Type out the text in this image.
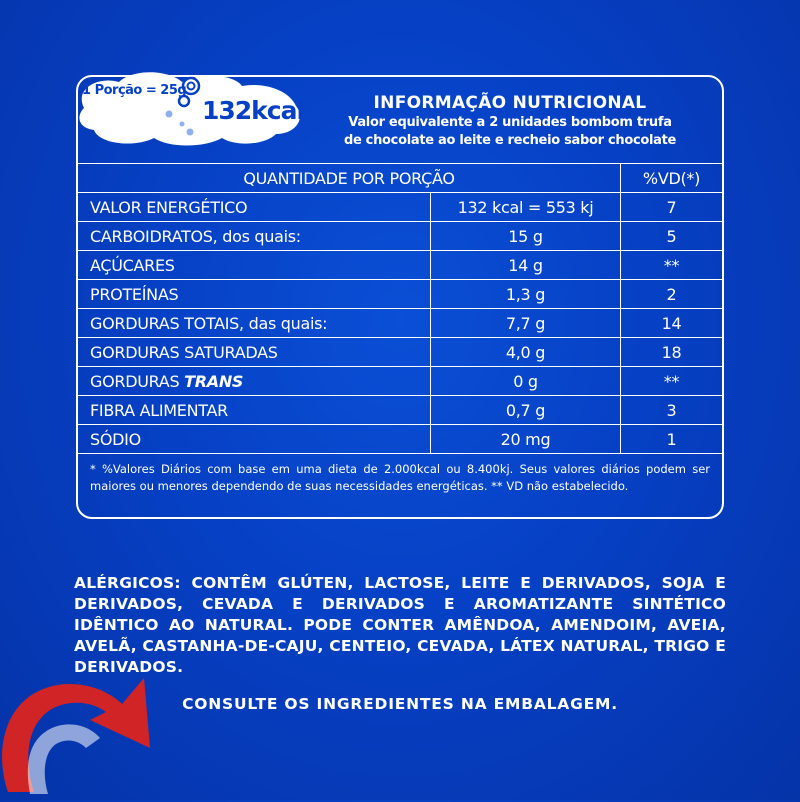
1 Porção = 25g
132kcal	INFORMAÇÃO NUTRICIONAL
Valor equivalente a 2 unidades bombom trufa
de chocolate ao leite e recheio sabor chocolate
QUANTIDADE POR PORÇÃO		%VD(*)
VALOR ENERGÉTICO	132 kcal = 553 kj	7
CARBOIDRATOS, dos quais:	15 g	5
AÇÚCARES	14 g	**
PROTEÍNAS	1,3 g	2
GORDURAS TOTAIS, das quais:	7,7 g	14
GORDURAS SATURADAS	4,0 g	18
GORDURAS TRANS	0 g	**
FIBRA ALIMENTAR	0,7 g	3
SÓDIO	20 mg	1
* %Valores Diários com base em uma dieta de 2.000kcal ou 8.400kj. Seus valores diários podem ser maiores ou menores dependendo de suas necessidades energéticas. ** VD não estabelecido.		
ALÉRGICOS: CONTÊM GLÚTEN, LACTOSE, LEITE E DERIVADOS, SOJA E DERIVADOS, CEVADA E DERIVADOS E AROMATIZANTE SINTÉTICO IDÊNTICO AO NATURAL. PODE CONTER AMÊNDOA, AMENDOIM, AVEIA, AVELÃ, CASTANHA-DE-CAJU, CENTEIO, CEVADA, LÁTEX NATURAL, TRIGO E DERIVADOS.
CONSULTE OS INGREDIENTES NA EMBALAGEM.
